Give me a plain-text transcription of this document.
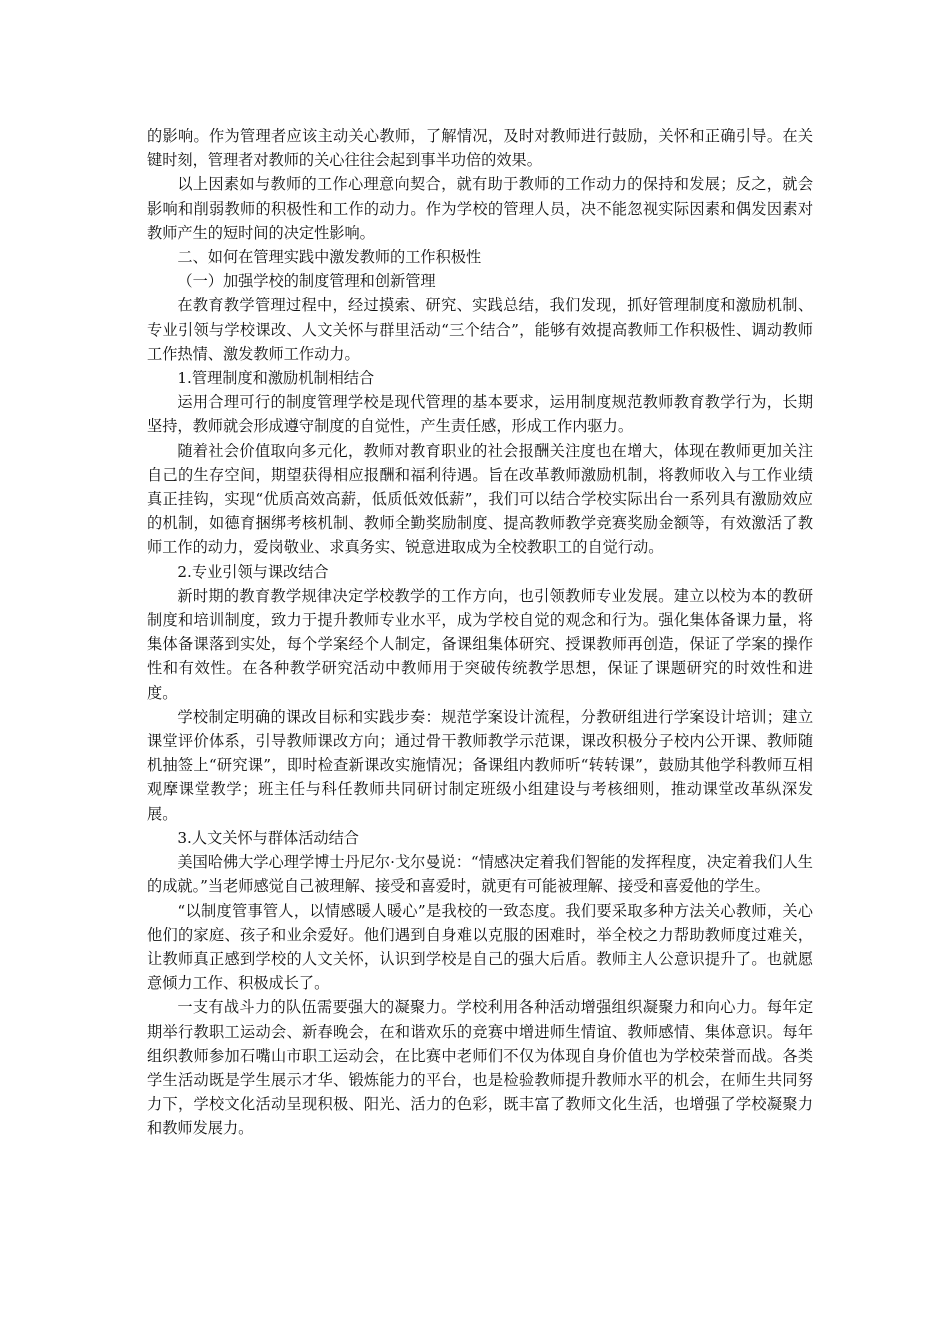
的影响。作为管理者应该主动关心教师，了解情况，及时对教师进行鼓励，关怀和正确引导。在关键时刻，管理者对教师的关心往往会起到事半功倍的效果。

以上因素如与教师的工作心理意向契合，就有助于教师的工作动力的保持和发展；反之，就会影响和削弱教师的积极性和工作的动力。作为学校的管理人员，决不能忽视实际因素和偶发因素对教师产生的短时间的决定性影响。

二、如何在管理实践中激发教师的工作积极性

（一）加强学校的制度管理和创新管理

在教育教学管理过程中，经过摸索、研究、实践总结，我们发现，抓好管理制度和激励机制、专业引领与学校课改、人文关怀与群里活动“三个结合”，能够有效提高教师工作积极性、调动教师工作热情、激发教师工作动力。

1.管理制度和激励机制相结合

运用合理可行的制度管理学校是现代管理的基本要求，运用制度规范教师教育教学行为，长期坚持，教师就会形成遵守制度的自觉性，产生责任感，形成工作内驱力。

随着社会价值取向多元化，教师对教育职业的社会报酬关注度也在增大，体现在教师更加关注自己的生存空间，期望获得相应报酬和福利待遇。旨在改革教师激励机制，将教师收入与工作业绩真正挂钩，实现“优质高效高薪，低质低效低薪”，我们可以结合学校实际出台一系列具有激励效应的机制，如德育捆绑考核机制、教师全勤奖励制度、提高教师教学竞赛奖励金额等，有效激活了教师工作的动力，爱岗敬业、求真务实、锐意进取成为全校教职工的自觉行动。

2.专业引领与课改结合

新时期的教育教学规律决定学校教学的工作方向，也引领教师专业发展。建立以校为本的教研制度和培训制度，致力于提升教师专业水平，成为学校自觉的观念和行为。强化集体备课力量，将集体备课落到实处，每个学案经个人制定，备课组集体研究、授课教师再创造，保证了学案的操作性和有效性。在各种教学研究活动中教师用于突破传统教学思想，保证了课题研究的时效性和进度。

学校制定明确的课改目标和实践步奏：规范学案设计流程，分教研组进行学案设计培训；建立课堂评价体系，引导教师课改方向；通过骨干教师教学示范课，课改积极分子校内公开课、教师随机抽签上“研究课”，即时检查新课改实施情况；备课组内教师听“转转课”，鼓励其他学科教师互相观摩课堂教学；班主任与科任教师共同研讨制定班级小组建设与考核细则，推动课堂改革纵深发展。

3.人文关怀与群体活动结合

美国哈佛大学心理学博士丹尼尔·戈尔曼说：“情感决定着我们智能的发挥程度，决定着我们人生的成就。”当老师感觉自己被理解、接受和喜爱时，就更有可能被理解、接受和喜爱他的学生。

“以制度管事管人，以情感暖人暖心”是我校的一致态度。我们要采取多种方法关心教师，关心他们的家庭、孩子和业余爱好。他们遇到自身难以克服的困难时，举全校之力帮助教师度过难关，让教师真正感到学校的人文关怀，认识到学校是自己的强大后盾。教师主人公意识提升了。也就愿意倾力工作、积极成长了。

一支有战斗力的队伍需要强大的凝聚力。学校利用各种活动增强组织凝聚力和向心力。每年定期举行教职工运动会、新春晚会，在和谐欢乐的竞赛中增进师生情谊、教师感情、集体意识。每年组织教师参加石嘴山市职工运动会，在比赛中老师们不仅为体现自身价值也为学校荣誉而战。各类学生活动既是学生展示才华、锻炼能力的平台，也是检验教师提升教师水平的机会，在师生共同努力下，学校文化活动呈现积极、阳光、活力的色彩，既丰富了教师文化生活，也增强了学校凝聚力和教师发展力。
